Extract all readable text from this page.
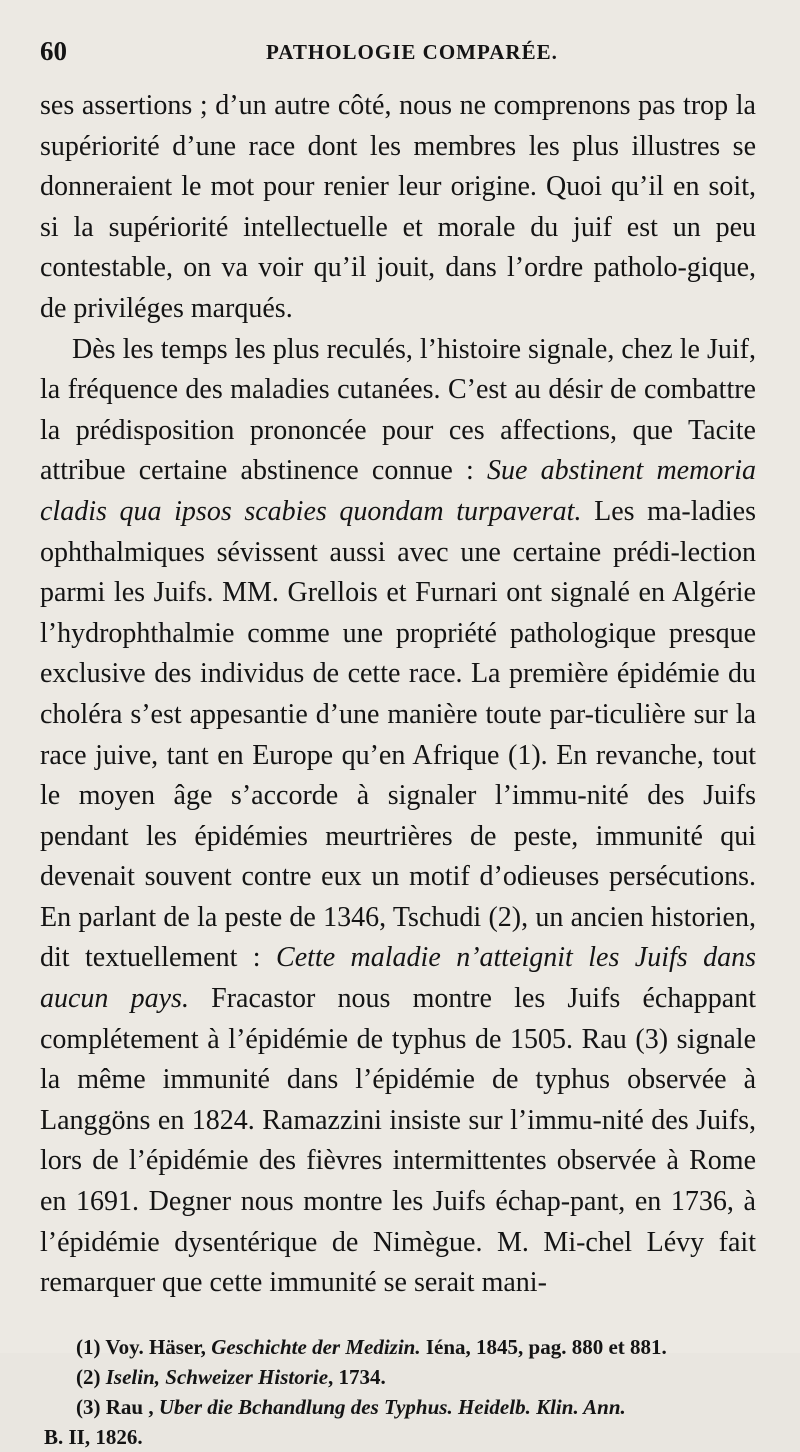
60	PATHOLOGIE COMPARÉE.

ses assertions ; d’un autre côté, nous ne comprenons pas trop la supériorité d’une race dont les membres les plus illustres se donneraient le mot pour renier leur origine. Quoi qu’il en soit, si la supériorité intellectuelle et morale du juif est un peu contestable, on va voir qu’il jouit, dans l’ordre patholo-gique, de priviléges marqués.

Dès les temps les plus reculés, l’histoire signale, chez le Juif, la fréquence des maladies cutanées. C’est au désir de combattre la prédisposition prononcée pour ces affections, que Tacite attribue certaine abstinence connue : Sue abstinent memoria cladis qua ipsos scabies quondam turpaverat. Les ma-ladies ophthalmiques sévissent aussi avec une certaine prédi-lection parmi les Juifs. MM. Grellois et Furnari ont signalé en Algérie l’hydrophthalmie comme une propriété pathologique presque exclusive des individus de cette race. La première épidémie du choléra s’est appesantie d’une manière toute par-ticulière sur la race juive, tant en Europe qu’en Afrique (1). En revanche, tout le moyen âge s’accorde à signaler l’immu-nité des Juifs pendant les épidémies meurtrières de peste, immunité qui devenait souvent contre eux un motif d’odieuses persécutions. En parlant de la peste de 1346, Tschudi (2), un ancien historien, dit textuellement : Cette maladie n’atteignit les Juifs dans aucun pays. Fracastor nous montre les Juifs échappant complétement à l’épidémie de typhus de 1505. Rau (3) signale la même immunité dans l’épidémie de typhus observée à Langgöns en 1824. Ramazzini insiste sur l’immu-nité des Juifs, lors de l’épidémie des fièvres intermittentes observée à Rome en 1691. Degner nous montre les Juifs échap-pant, en 1736, à l’épidémie dysentérique de Nimègue. M. Mi-chel Lévy fait remarquer que cette immunité se serait mani-

(1) Voy. Häser, Geschichte der Medizin. Iéna, 1845, pag. 880 et 881.

(2) Iselin, Schweizer Historie, 1734.

(3) Rau , Uber die Bchandlung des Typhus. Heidelb. Klin. Ann.

B. II, 1826.
